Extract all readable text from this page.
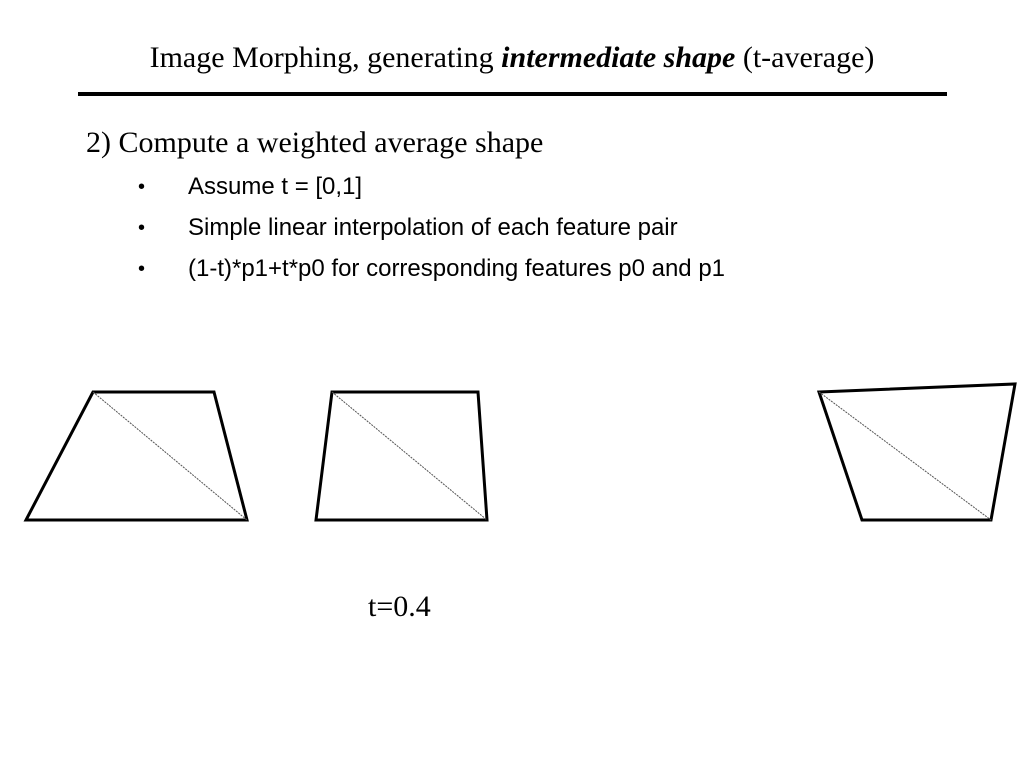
Image Morphing, generating intermediate shape (t-average)
2) Compute a weighted average shape
• Assume t = [0,1]
• Simple linear interpolation of each feature pair
• (1-t)*p1+t*p0 for corresponding features p0 and p1
t=0.4
